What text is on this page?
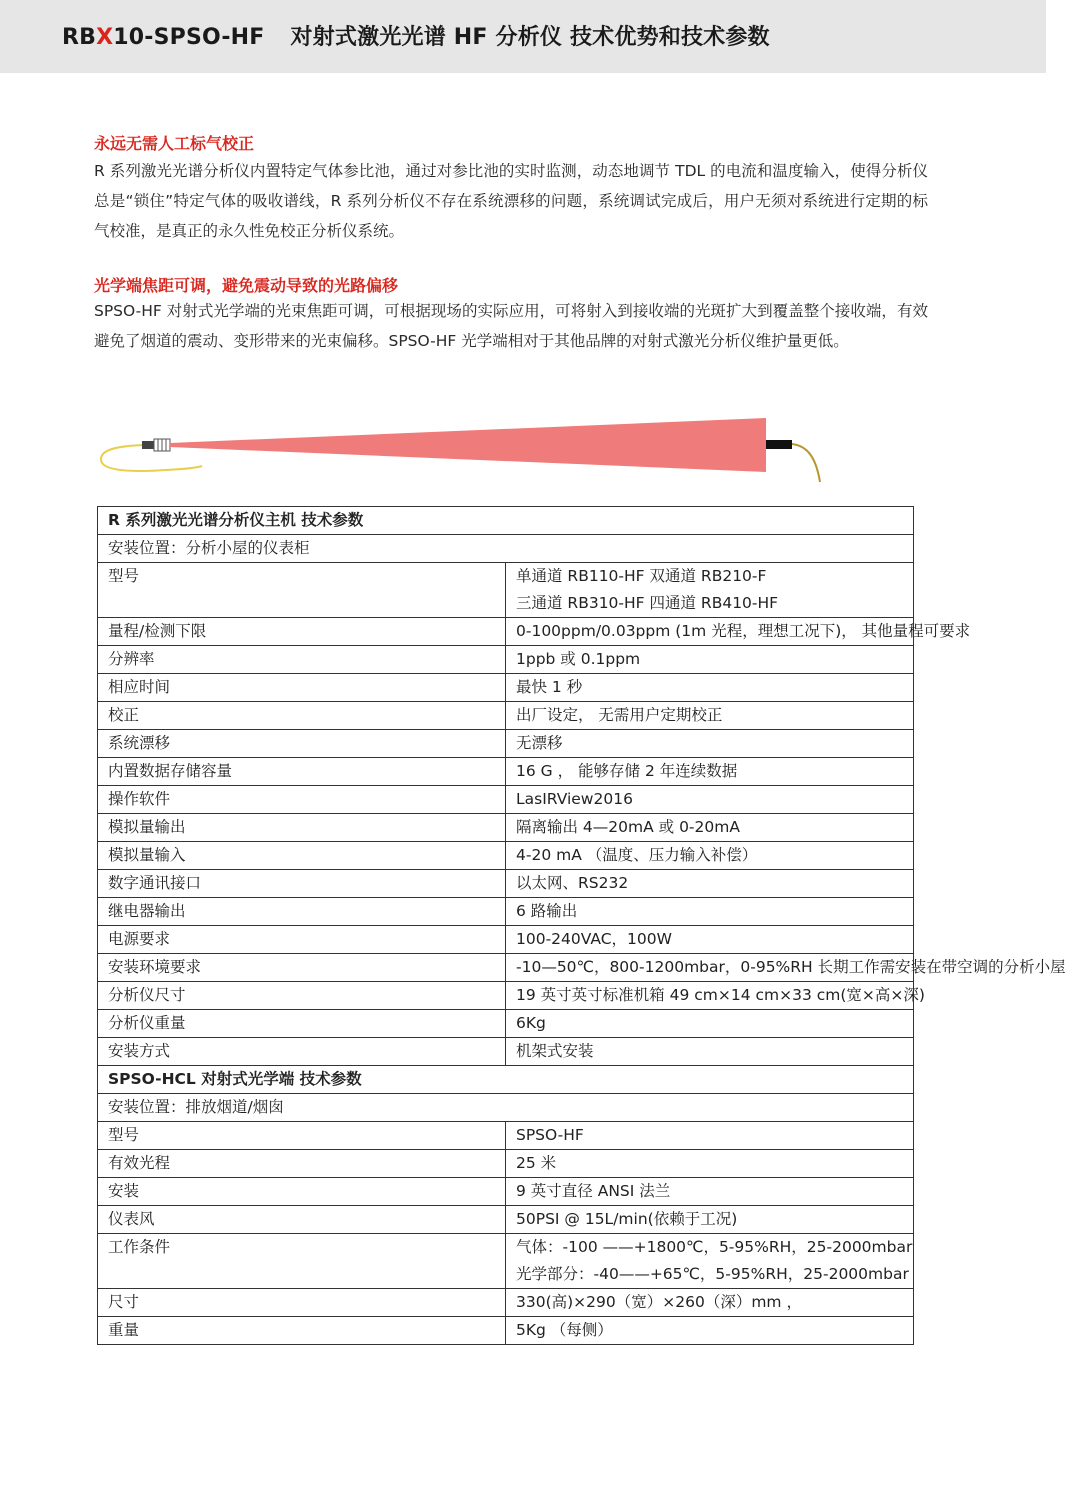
RBX10-SPSO-HF 对射式激光光谱 HF 分析仪 技术优势和技术参数
永远无需人工标气校正
R 系列激光光谱分析仪内置特定气体参比池，通过对参比池的实时监测，动态地调节 TDL 的电流和温度输入，使得分析仪总是“锁住”特定气体的吸收谱线，R 系列分析仪不存在系统漂移的问题，系统调试完成后，用户无须对系统进行定期的标气校准，是真正的永久性免校正分析仪系统。
光学端焦距可调，避免震动导致的光路偏移
SPSO-HF 对射式光学端的光束焦距可调，可根据现场的实际应用，可将射入到接收端的光斑扩大到覆盖整个接收端，有效避免了烟道的震动、变形带来的光束偏移。SPSO-HF 光学端相对于其他品牌的对射式激光分析仪维护量更低。
R 系列激光光谱分析仪主机 技术参数	
安装位置：分析小屋的仪表柜	
型号	单通道 RB110-HF 双通道 RB210-F
三通道 RB310-HF 四通道 RB410-HF

量程/检测下限	0-100ppm/0.03ppm (1m 光程，理想工况下)， 其他量程可要求

分辨率	1ppb 或 0.1ppm

相应时间	最快 1 秒

校正	出厂设定， 无需用户定期校正

系统漂移	无漂移

内置数据存储容量	16 G ， 能够存储 2 年连续数据

操作软件	LasIRView2016

模拟量输出	隔离输出 4—20mA 或 0-20mA

模拟量输入	4-20 mA （温度、压力输入补偿）

数字通讯接口	以太网、RS232

继电器输出	6 路输出

电源要求	100-240VAC，100W

安装环境要求	-10—50℃，800-1200mbar，0-95%RH 长期工作需安装在带空调的分析小屋

分析仪尺寸	19 英寸英寸标准机箱 49 cm×14 cm×33 cm(宽×高×深)

分析仪重量	6Kg

安装方式	机架式安装

SPSO-HCL 对射式光学端 技术参数	
安装位置：排放烟道/烟囱	
型号	SPSO-HF

有效光程	25 米

安装	9 英寸直径 ANSI 法兰

仪表风	50PSI @ 15L/min(依赖于工况)

工作条件	气体：-100 ——+1800℃，5-95%RH，25-2000mbar
光学部分：-40——+65℃，5-95%RH，25-2000mbar

尺寸	330(高)×290（宽）×260（深）mm ，

重量	5Kg （每侧）
